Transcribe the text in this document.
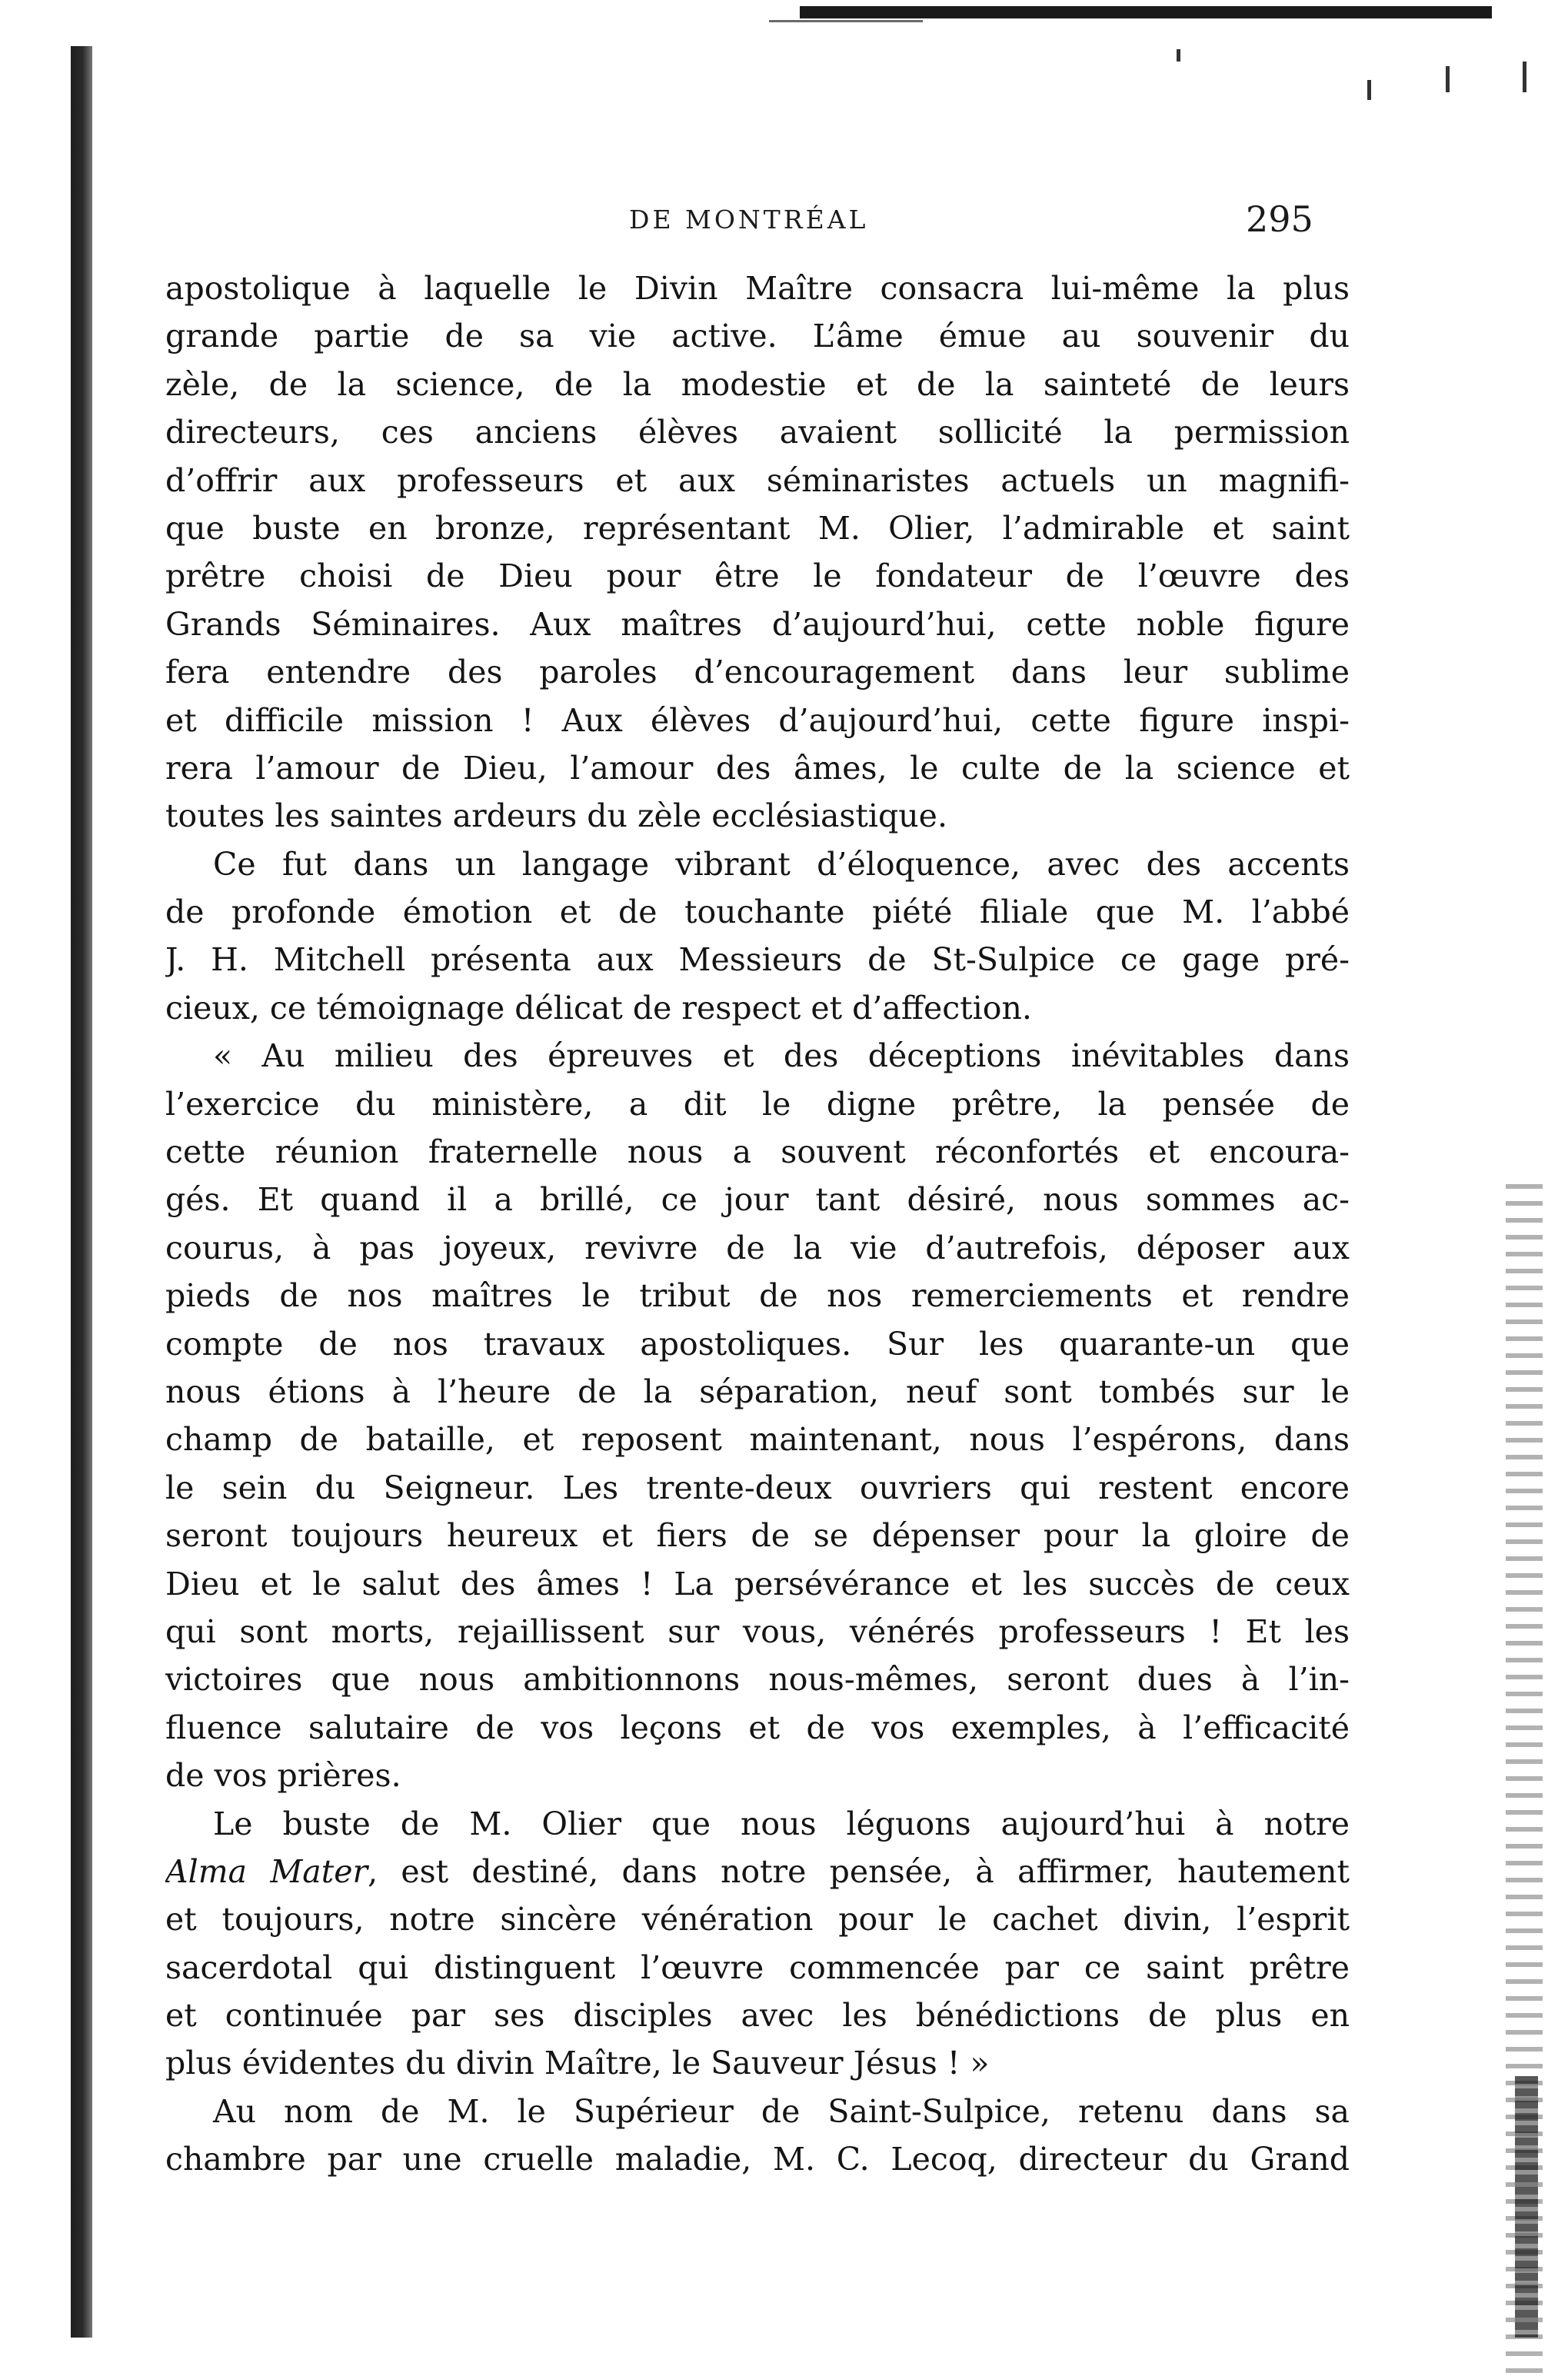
DE MONTRÉAL	295
apostolique à laquelle le Divin Maître consacra lui-même la plus
grande partie de sa vie active. L’âme émue au souvenir du
zèle, de la science, de la modestie et de la sainteté de leurs
directeurs, ces anciens élèves avaient sollicité la permission
d’offrir aux professeurs et aux séminaristes actuels un magnifi-
que buste en bronze, représentant M. Olier, l’admirable et saint
prêtre choisi de Dieu pour être le fondateur de l’œuvre des
Grands Séminaires. Aux maîtres d’aujourd’hui, cette noble figure
fera entendre des paroles d’encouragement dans leur sublime
et difficile mission ! Aux élèves d’aujourd’hui, cette figure inspi-
rera l’amour de Dieu, l’amour des âmes, le culte de la science et
toutes les saintes ardeurs du zèle ecclésiastique.
Ce fut dans un langage vibrant d’éloquence, avec des accents
de profonde émotion et de touchante piété filiale que M. l’abbé
J. H. Mitchell présenta aux Messieurs de St-Sulpice ce gage pré-
cieux, ce témoignage délicat de respect et d’affection.
« Au milieu des épreuves et des déceptions inévitables dans
l’exercice du ministère, a dit le digne prêtre, la pensée de
cette réunion fraternelle nous a souvent réconfortés et encoura-
gés. Et quand il a brillé, ce jour tant désiré, nous sommes ac-
courus, à pas joyeux, revivre de la vie d’autrefois, déposer aux
pieds de nos maîtres le tribut de nos remerciements et rendre
compte de nos travaux apostoliques. Sur les quarante-un que
nous étions à l’heure de la séparation, neuf sont tombés sur le
champ de bataille, et reposent maintenant, nous l’espérons, dans
le sein du Seigneur. Les trente-deux ouvriers qui restent encore
seront toujours heureux et fiers de se dépenser pour la gloire de
Dieu et le salut des âmes ! La persévérance et les succès de ceux
qui sont morts, rejaillissent sur vous, vénérés professeurs ! Et les
victoires que nous ambitionnons nous-mêmes, seront dues à l’in-
fluence salutaire de vos leçons et de vos exemples, à l’efficacité
de vos prières.
Le buste de M. Olier que nous léguons aujourd’hui à notre
Alma Mater, est destiné, dans notre pensée, à affirmer, hautement
et toujours, notre sincère vénération pour le cachet divin, l’esprit
sacerdotal qui distinguent l’œuvre commencée par ce saint prêtre
et continuée par ses disciples avec les bénédictions de plus en
plus évidentes du divin Maître, le Sauveur Jésus ! »
Au nom de M. le Supérieur de Saint-Sulpice, retenu dans sa
chambre par une cruelle maladie, M. C. Lecoq, directeur du Grand
